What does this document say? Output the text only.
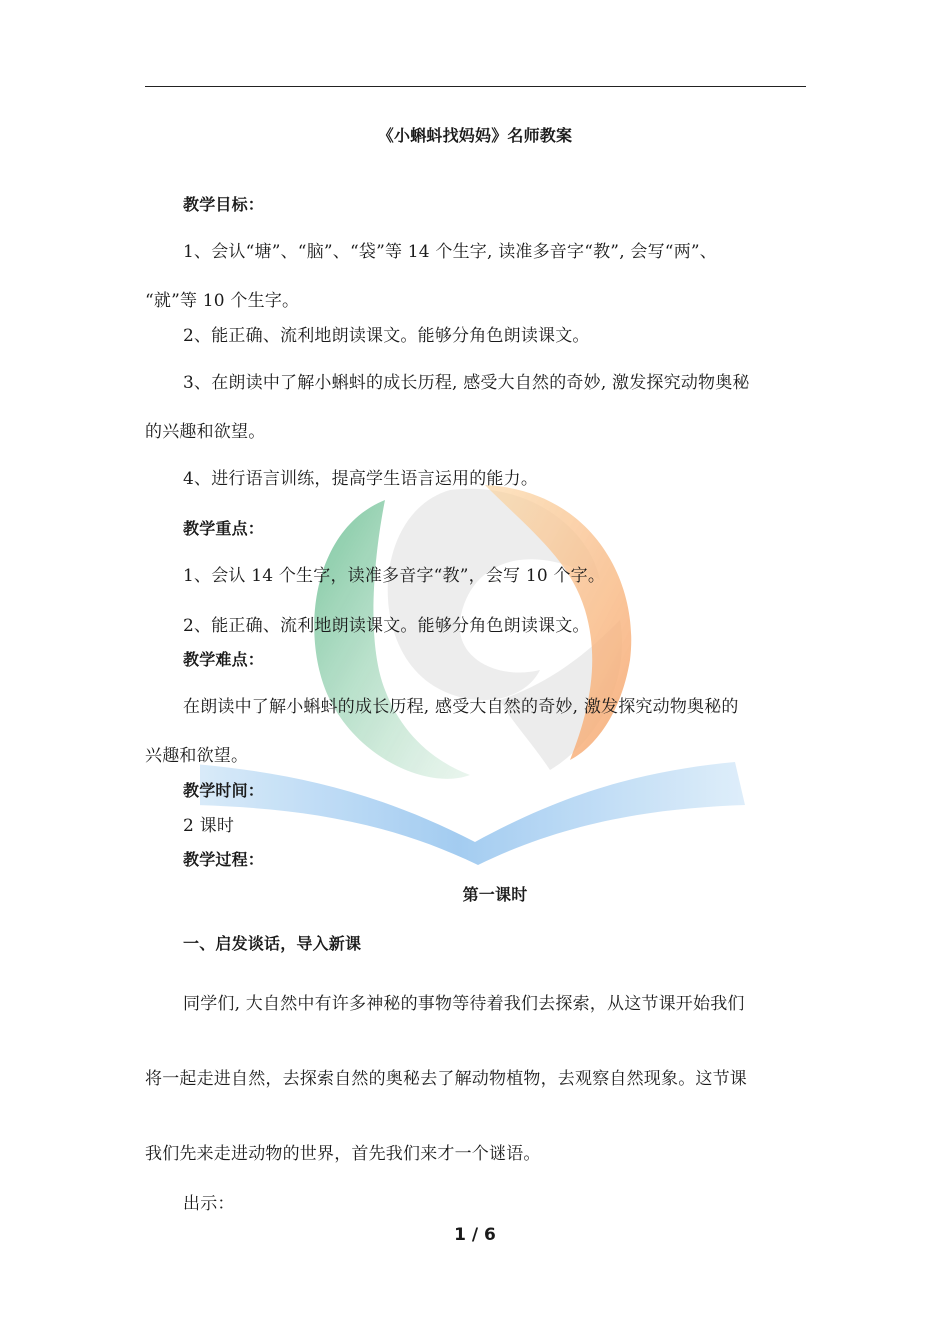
《小蝌蚪找妈妈》名师教案
教学目标：
1、会认“塘”、“脑”、“袋”等 14 个生字, 读准多音字“教”, 会写“两”、
“就”等 10 个生字。
2、能正确、流利地朗读课文。能够分角色朗读课文。
3、在朗读中了解小蝌蚪的成长历程, 感受大自然的奇妙, 激发探究动物奥秘
的兴趣和欲望。
4、进行语言训练，提高学生语言运用的能力。
教学重点：
1、会认 14 个生字，读准多音字“教”，会写 10 个字。
2、能正确、流利地朗读课文。能够分角色朗读课文。
教学难点：
在朗读中了解小蝌蚪的成长历程, 感受大自然的奇妙, 激发探究动物奥秘的
兴趣和欲望。
教学时间：
2 课时
教学过程：
第一课时
一、启发谈话，导入新课
同学们, 大自然中有许多神秘的事物等待着我们去探索，从这节课开始我们
将一起走进自然，去探索自然的奥秘去了解动物植物，去观察自然现象。这节课
我们先来走进动物的世界，首先我们来才一个谜语。
出示：
1 / 6
